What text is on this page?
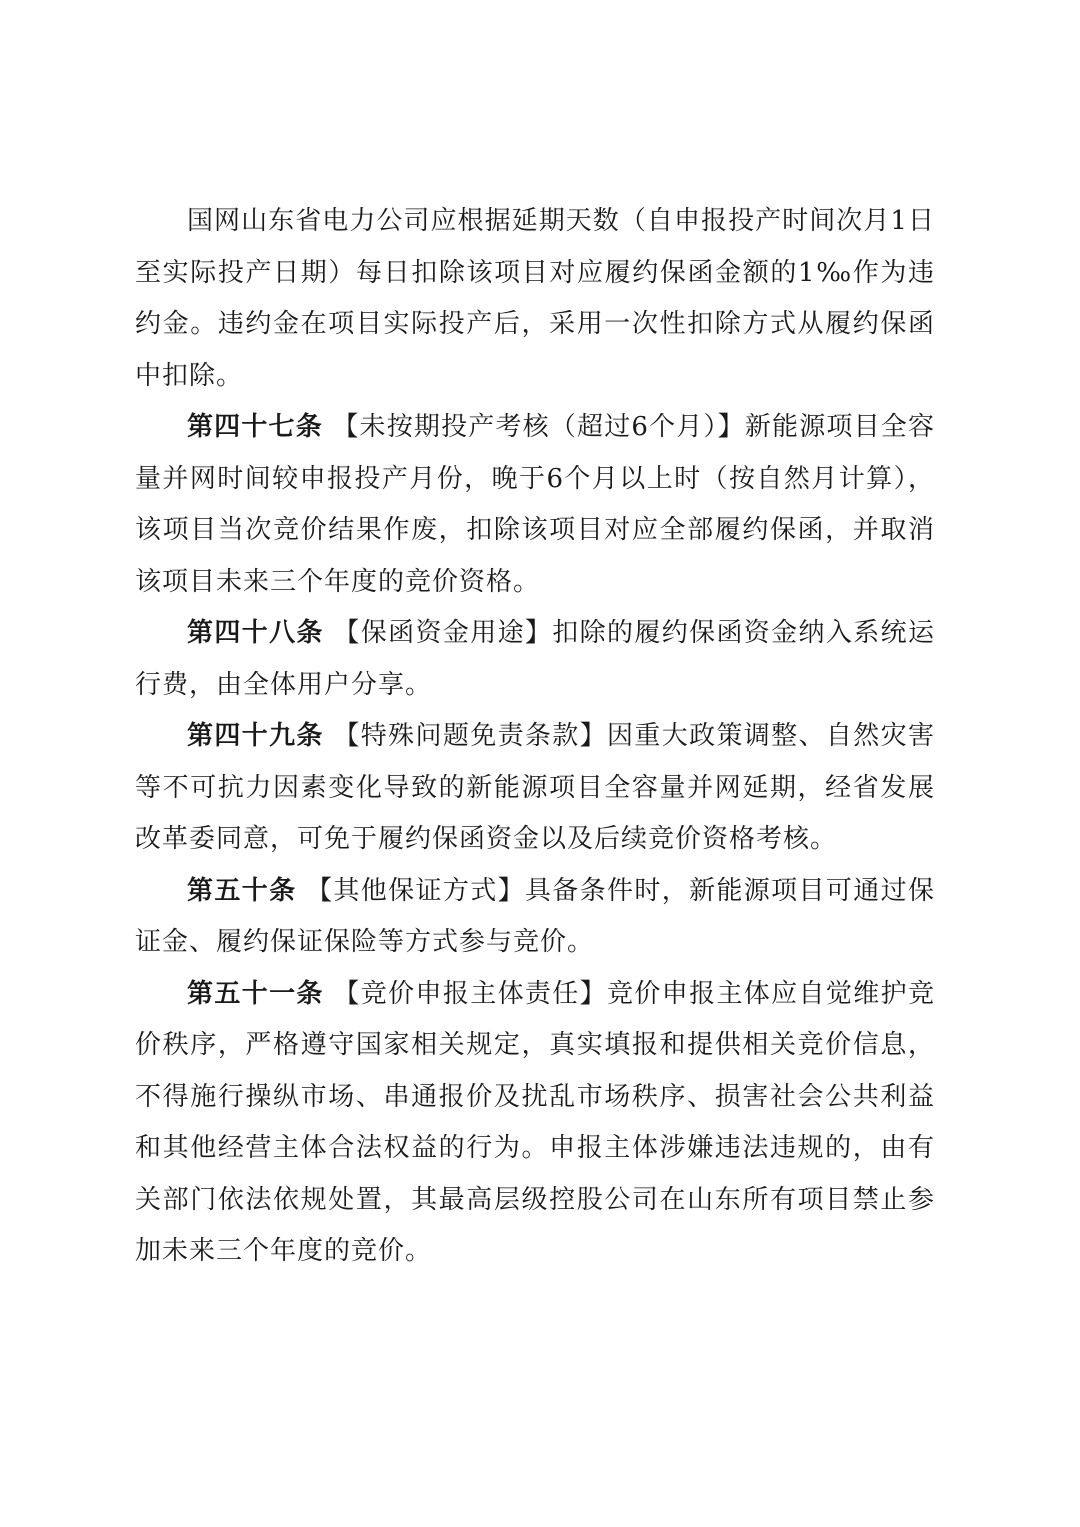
国网山东省电力公司应根据延期天数（自申报投产时间次月1日至实际投产日期）每日扣除该项目对应履约保函金额的1‰作为违约金。违约金在项目实际投产后，采用一次性扣除方式从履约保函中扣除。

第四十七条 【未按期投产考核（超过6个月）】新能源项目全容量并网时间较申报投产月份，晚于6个月以上时（按自然月计算），该项目当次竞价结果作废，扣除该项目对应全部履约保函，并取消该项目未来三个年度的竞价资格。

第四十八条 【保函资金用途】扣除的履约保函资金纳入系统运行费，由全体用户分享。

第四十九条 【特殊问题免责条款】因重大政策调整、自然灾害等不可抗力因素变化导致的新能源项目全容量并网延期，经省发展改革委同意，可免于履约保函资金以及后续竞价资格考核。

第五十条 【其他保证方式】具备条件时，新能源项目可通过保证金、履约保证保险等方式参与竞价。

第五十一条 【竞价申报主体责任】竞价申报主体应自觉维护竞价秩序，严格遵守国家相关规定，真实填报和提供相关竞价信息，不得施行操纵市场、串通报价及扰乱市场秩序、损害社会公共利益和其他经营主体合法权益的行为。申报主体涉嫌违法违规的，由有关部门依法依规处置，其最高层级控股公司在山东所有项目禁止参加未来三个年度的竞价。
